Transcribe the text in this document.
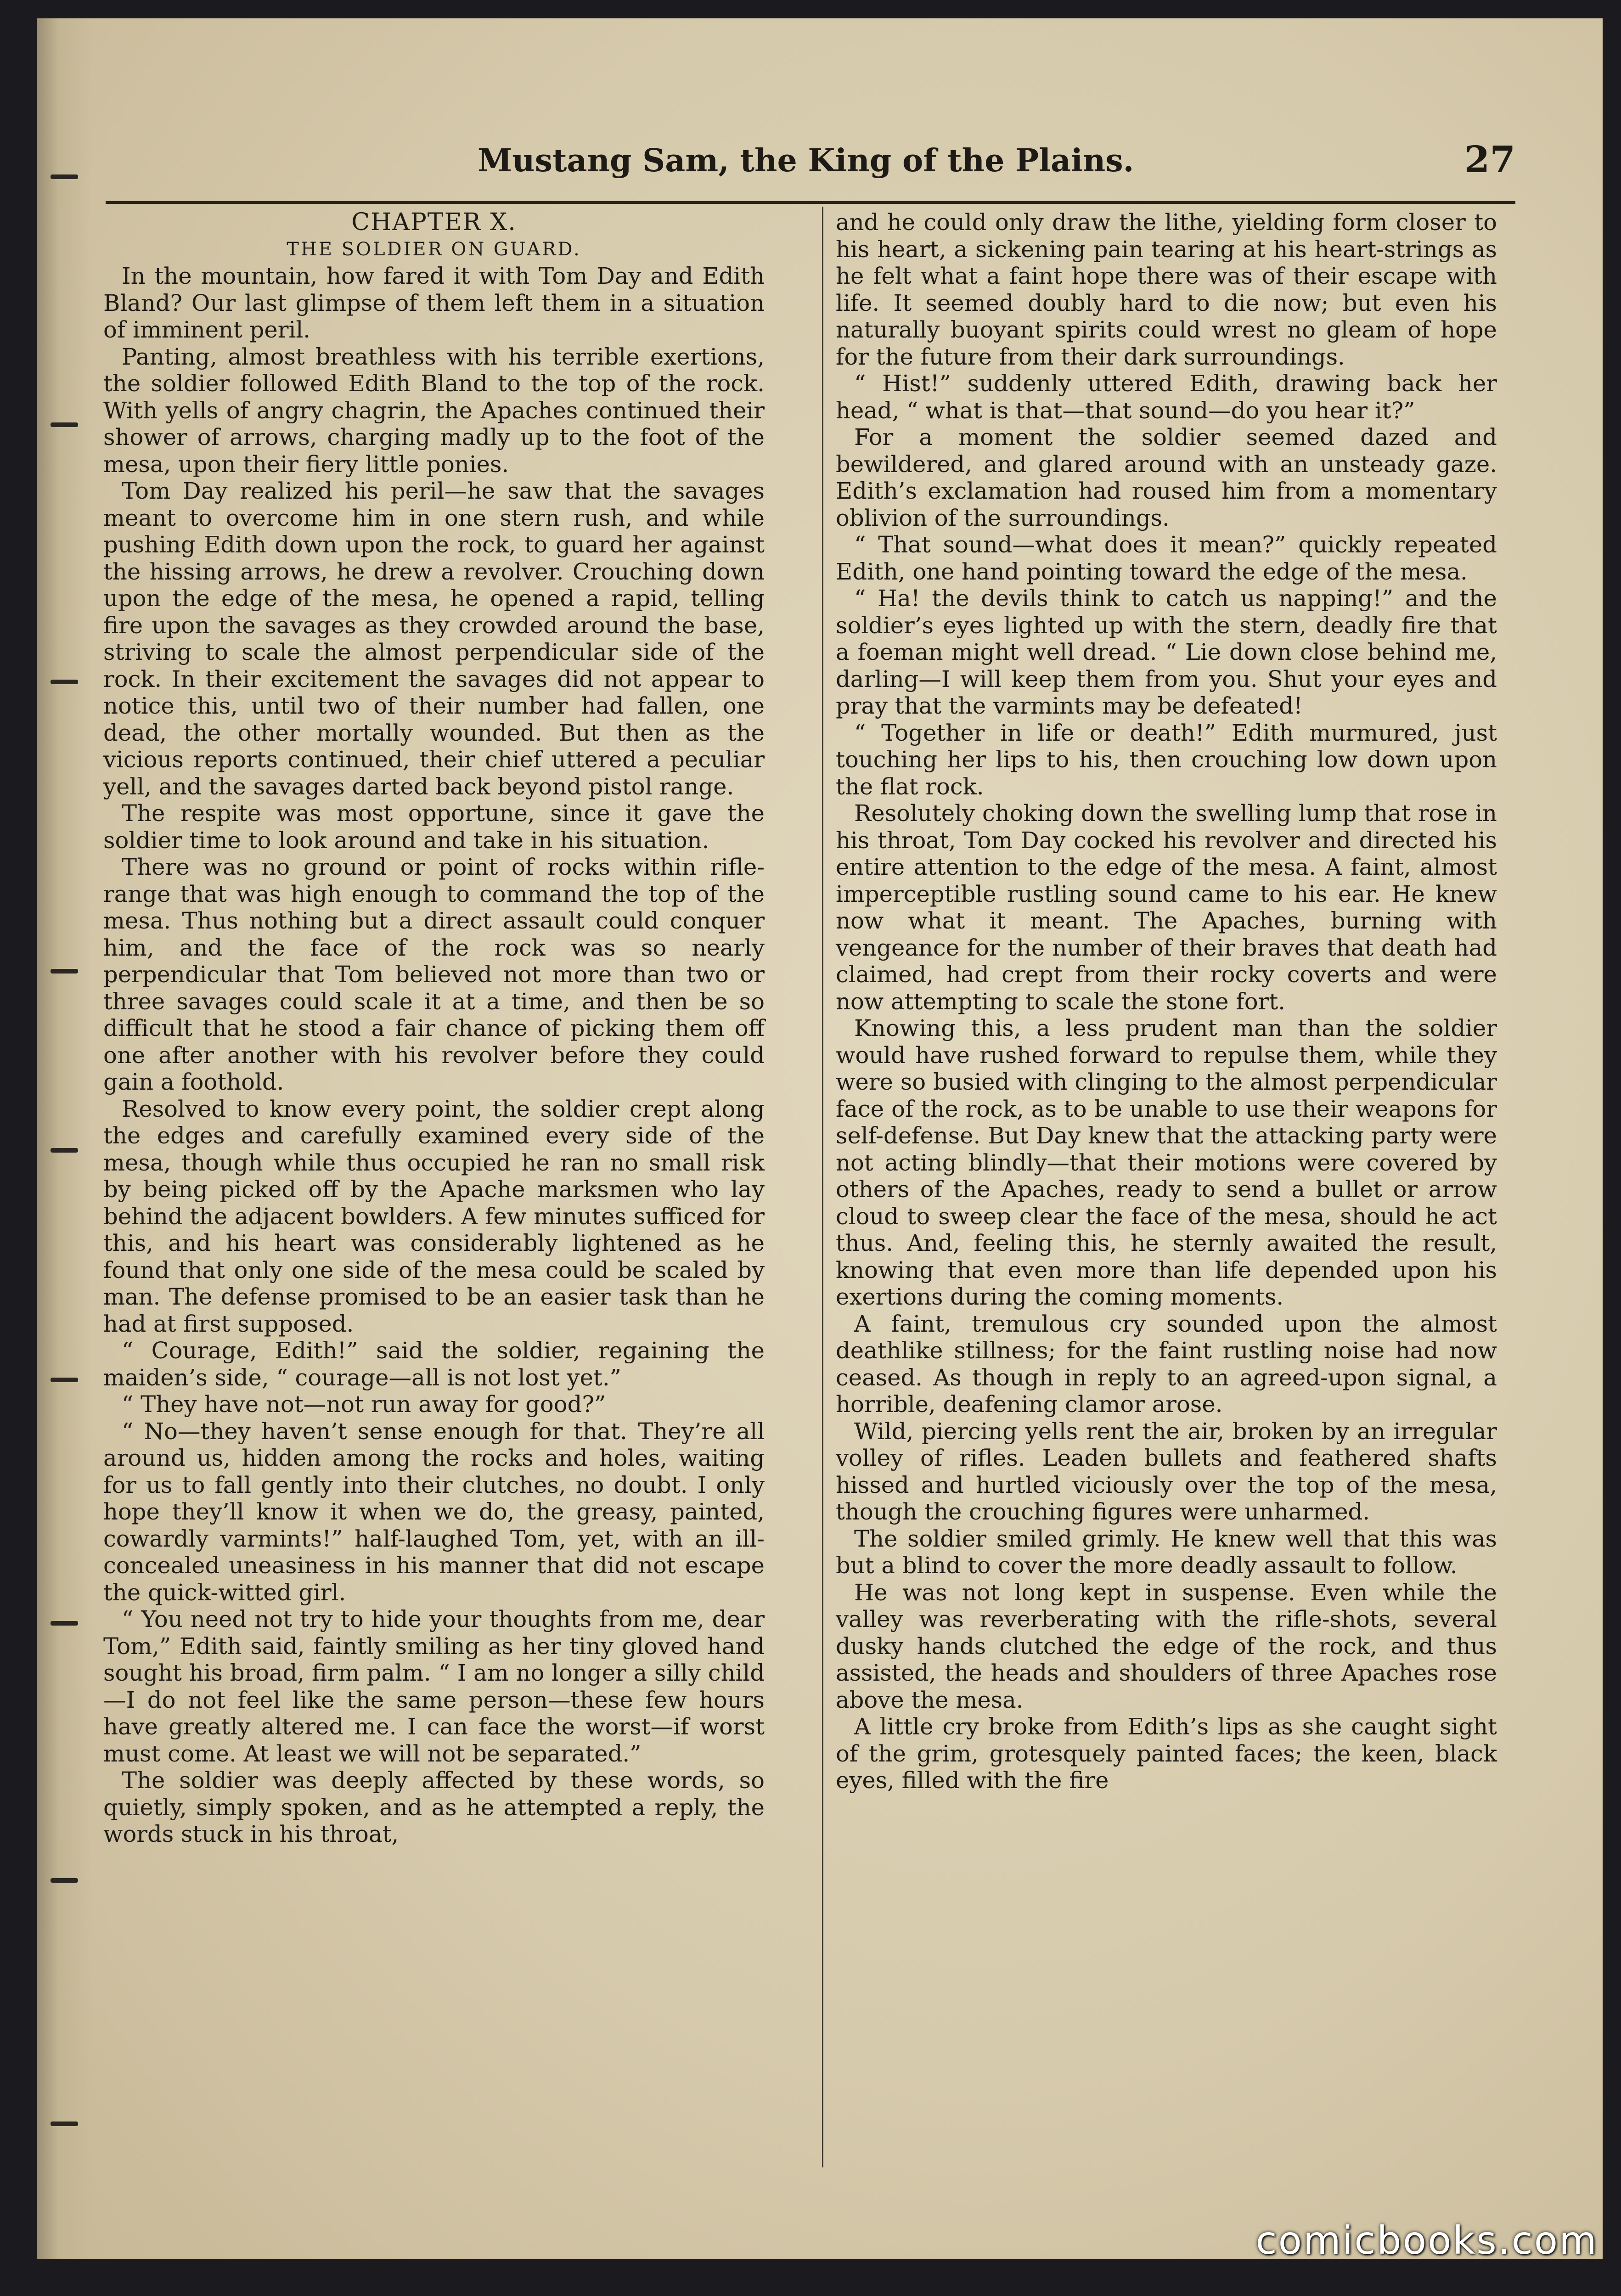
Mustang Sam, the King of the Plains.	27

CHAPTER X.

THE SOLDIER ON GUARD.

In the mountain, how fared it with Tom Day and Edith Bland? Our last glimpse of them left them in a situation of imminent peril.

Panting, almost breathless with his terrible exertions, the soldier followed Edith Bland to the top of the rock. With yells of angry chagrin, the Apaches continued their shower of arrows, charging madly up to the foot of the mesa, upon their fiery little ponies.

Tom Day realized his peril—he saw that the savages meant to overcome him in one stern rush, and while pushing Edith down upon the rock, to guard her against the hissing arrows, he drew a revolver. Crouching down upon the edge of the mesa, he opened a rapid, telling fire upon the savages as they crowded around the base, striving to scale the almost perpendicular side of the rock. In their excitement the savages did not appear to notice this, until two of their number had fallen, one dead, the other mortally wounded. But then as the vicious reports continued, their chief uttered a peculiar yell, and the savages darted back beyond pistol range.

The respite was most opportune, since it gave the soldier time to look around and take in his situation.

There was no ground or point of rocks within rifle-range that was high enough to command the top of the mesa. Thus nothing but a direct assault could conquer him, and the face of the rock was so nearly perpendicular that Tom believed not more than two or three savages could scale it at a time, and then be so difficult that he stood a fair chance of picking them off one after another with his revolver before they could gain a foothold.

Resolved to know every point, the soldier crept along the edges and carefully examined every side of the mesa, though while thus occupied he ran no small risk by being picked off by the Apache marksmen who lay behind the adjacent bowlders. A few minutes sufficed for this, and his heart was considerably lightened as he found that only one side of the mesa could be scaled by man. The defense promised to be an easier task than he had at first supposed.

“ Courage, Edith!” said the soldier, regaining the maiden’s side, “ courage—all is not lost yet.”

“ They have not—not run away for good?”

“ No—they haven’t sense enough for that. They’re all around us, hidden among the rocks and holes, waiting for us to fall gently into their clutches, no doubt. I only hope they’ll know it when we do, the greasy, painted, cowardly varmints!” half-laughed Tom, yet, with an ill-concealed uneasiness in his manner that did not escape the quick-witted girl.

“ You need not try to hide your thoughts from me, dear Tom,” Edith said, faintly smiling as her tiny gloved hand sought his broad, firm palm. “ I am no longer a silly child—I do not feel like the same person—these few hours have greatly altered me. I can face the worst—if worst must come. At least we will not be separated.”

The soldier was deeply affected by these words, so quietly, simply spoken, and as he attempted a reply, the words stuck in his throat,

and he could only draw the lithe, yielding form closer to his heart, a sickening pain tearing at his heart-strings as he felt what a faint hope there was of their escape with life. It seemed doubly hard to die now; but even his naturally buoyant spirits could wrest no gleam of hope for the future from their dark surroundings.

“ Hist!” suddenly uttered Edith, drawing back her head, “ what is that—that sound—do you hear it?”

For a moment the soldier seemed dazed and bewildered, and glared around with an unsteady gaze. Edith’s exclamation had roused him from a momentary oblivion of the surroundings.

“ That sound—what does it mean?” quickly repeated Edith, one hand pointing toward the edge of the mesa.

“ Ha! the devils think to catch us napping!” and the soldier’s eyes lighted up with the stern, deadly fire that a foeman might well dread. “ Lie down close behind me, darling—I will keep them from you. Shut your eyes and pray that the varmints may be defeated!

“ Together in life or death!” Edith murmured, just touching her lips to his, then crouching low down upon the flat rock.

Resolutely choking down the swelling lump that rose in his throat, Tom Day cocked his revolver and directed his entire attention to the edge of the mesa. A faint, almost imperceptible rustling sound came to his ear. He knew now what it meant. The Apaches, burning with vengeance for the number of their braves that death had claimed, had crept from their rocky coverts and were now attempting to scale the stone fort.

Knowing this, a less prudent man than the soldier would have rushed forward to repulse them, while they were so busied with clinging to the almost perpendicular face of the rock, as to be unable to use their weapons for self-defense. But Day knew that the attacking party were not acting blindly—that their motions were covered by others of the Apaches, ready to send a bullet or arrow cloud to sweep clear the face of the mesa, should he act thus. And, feeling this, he sternly awaited the result, knowing that even more than life depended upon his exertions during the coming moments.

A faint, tremulous cry sounded upon the almost deathlike stillness; for the faint rustling noise had now ceased. As though in reply to an agreed-upon signal, a horrible, deafening clamor arose.

Wild, piercing yells rent the air, broken by an irregular volley of rifles. Leaden bullets and feathered shafts hissed and hurtled viciously over the top of the mesa, though the crouching figures were unharmed.

The soldier smiled grimly. He knew well that this was but a blind to cover the more deadly assault to follow.

He was not long kept in suspense. Even while the valley was reverberating with the rifle-shots, several dusky hands clutched the edge of the rock, and thus assisted, the heads and shoulders of three Apaches rose above the mesa.

A little cry broke from Edith’s lips as she caught sight of the grim, grotesquely painted faces; the keen, black eyes, filled with the fire

comicbooks.com
